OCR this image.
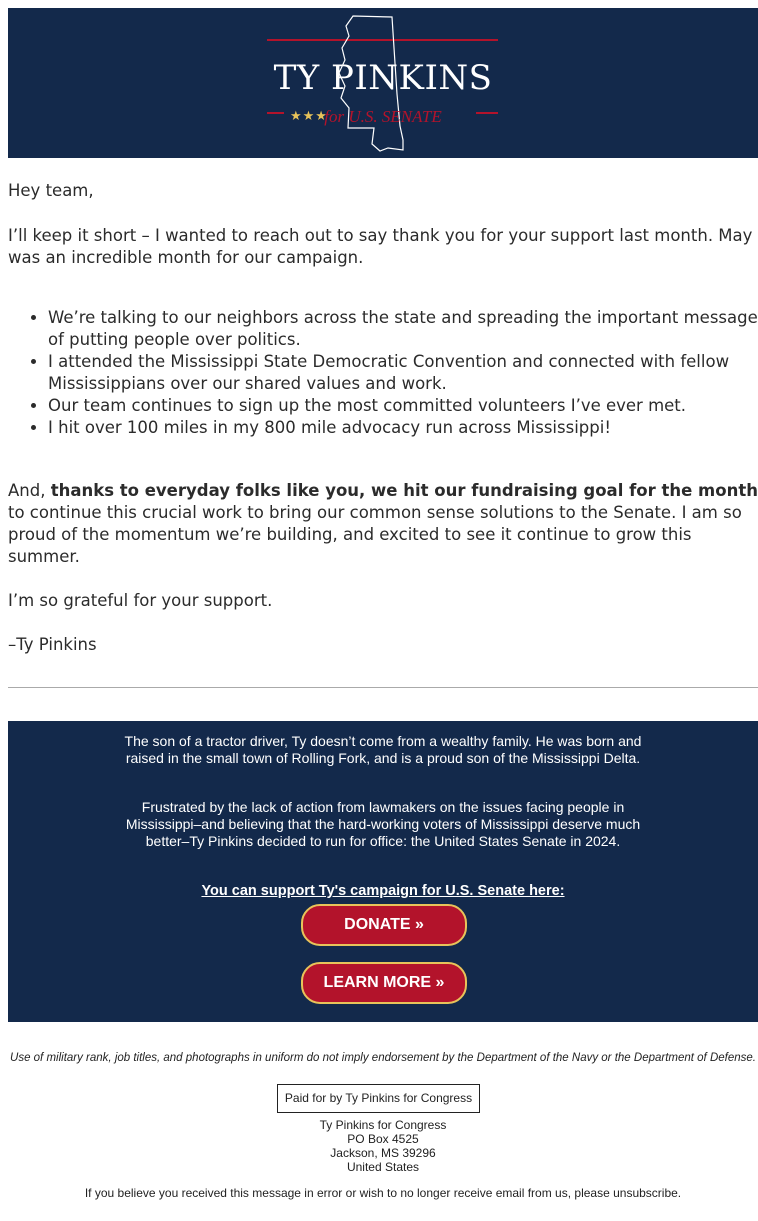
TY PINKINS
★★★
for U.S. SENATE
Hey team,
I’ll keep it short – I wanted to reach out to say thank you for your support last month. May was an incredible month for our campaign.
• We’re talking to our neighbors across the state and spreading the important message of putting people over politics.
• I attended the Mississippi State Democratic Convention and connected with fellow Mississippians over our shared values and work.
• Our team continues to sign up the most committed volunteers I’ve ever met.
• I hit over 100 miles in my 800 mile advocacy run across Mississippi!
And, thanks to everyday folks like you, we hit our fundraising goal for the month to continue this crucial work to bring our common sense solutions to the Senate. I am so proud of the momentum we’re building, and excited to see it continue to grow this summer.
I’m so grateful for your support.
–Ty Pinkins
The son of a tractor driver, Ty doesn’t come from a wealthy family. He was born and raised in the small town of Rolling Fork, and is a proud son of the Mississippi Delta.
Frustrated by the lack of action from lawmakers on the issues facing people in Mississippi–and believing that the hard-working voters of Mississippi deserve much better–Ty Pinkins decided to run for office: the United States Senate in 2024.
You can support Ty's campaign for U.S. Senate here:
DONATE »
LEARN MORE »
Use of military rank, job titles, and photographs in uniform do not imply endorsement by the Department of the Navy or the Department of Defense.
Paid for by Ty Pinkins for Congress
Ty Pinkins for Congress
PO Box 4525
Jackson, MS 39296
United States
If you believe you received this message in error or wish to no longer receive email from us, please unsubscribe.
